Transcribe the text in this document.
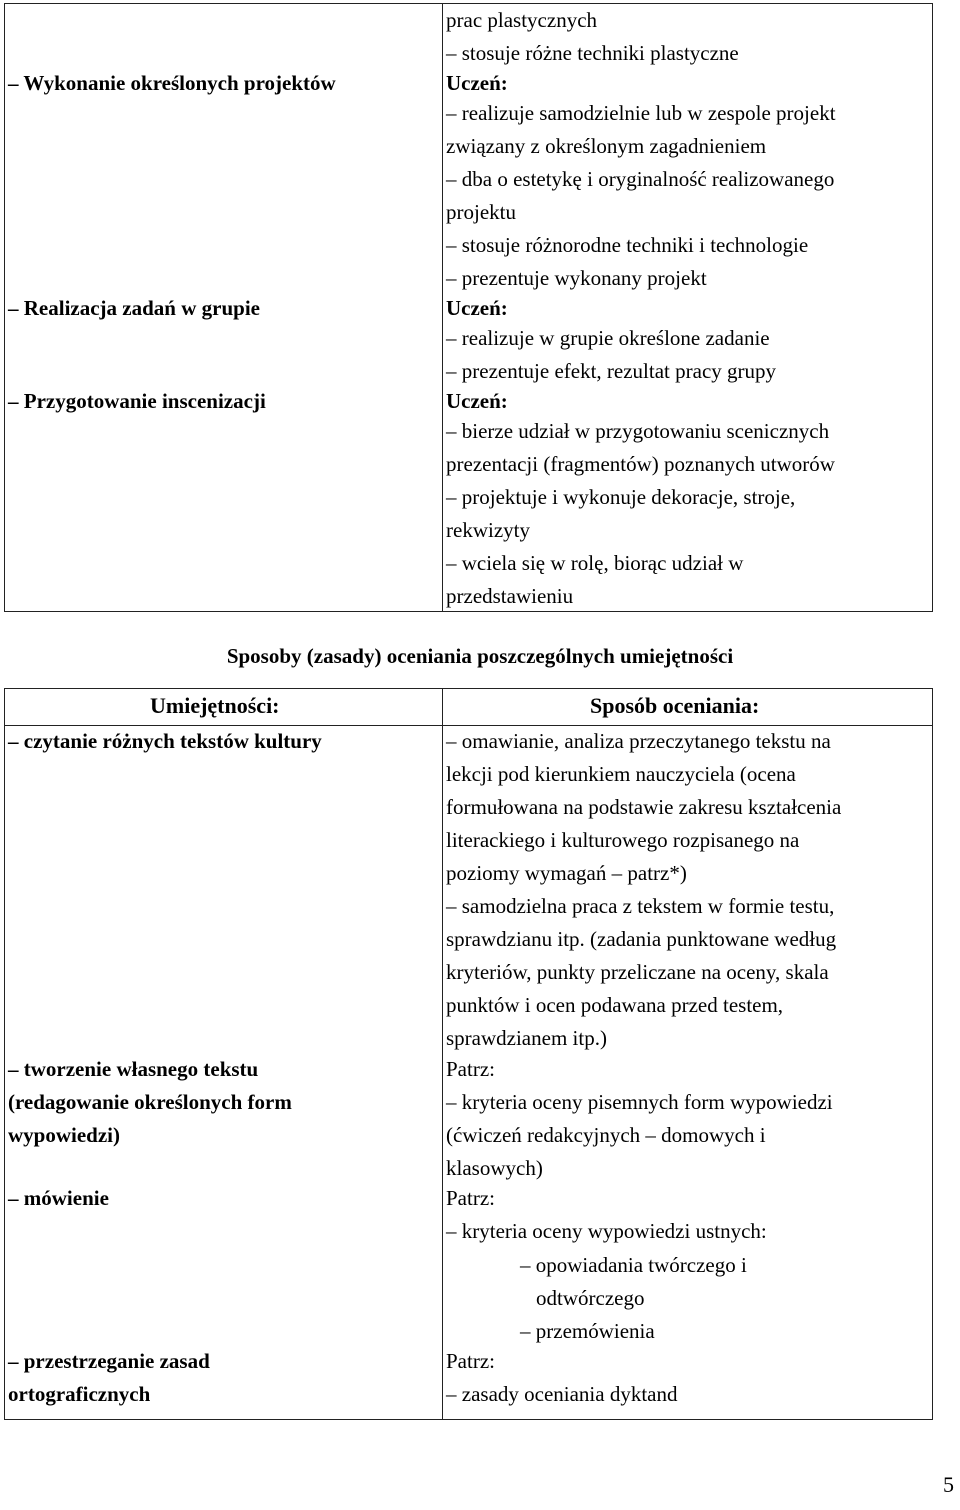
– Wykonanie określonych projektów
– Realizacja zadań w grupie
– Przygotowanie inscenizacji
prac plastycznych
– stosuje różne techniki plastyczne
Uczeń:
– realizuje samodzielnie lub w zespole projekt
związany z określonym zagadnieniem
– dba o estetykę i oryginalność realizowanego
projektu
– stosuje różnorodne techniki i technologie
– prezentuje wykonany projekt
Uczeń:
– realizuje w grupie określone zadanie
– prezentuje efekt, rezultat pracy grupy
Uczeń:
– bierze udział w przygotowaniu scenicznych
prezentacji (fragmentów) poznanych utworów
– projektuje i wykonuje dekoracje, stroje,
rekwizyty
– wciela się w rolę, biorąc udział w
przedstawieniu
Sposoby (zasady) oceniania poszczególnych umiejętności
Umiejętności:	Sposób oceniania:
– czytanie różnych tekstów kultury
– tworzenie własnego tekstu
(redagowanie określonych form
wypowiedzi)
– mówienie
– przestrzeganie zasad
ortograficznych
– omawianie, analiza przeczytanego tekstu na
lekcji pod kierunkiem nauczyciela (ocena
formułowana na podstawie zakresu kształcenia
literackiego i kulturowego rozpisanego na
poziomy wymagań – patrz*)
– samodzielna praca z tekstem w formie testu,
sprawdzianu itp. (zadania punktowane według
kryteriów, punkty przeliczane na oceny, skala
punktów i ocen podawana przed testem,
sprawdzianem itp.)
Patrz:
– kryteria oceny pisemnych form wypowiedzi
(ćwiczeń redakcyjnych – domowych i
klasowych)
Patrz:
– kryteria oceny wypowiedzi ustnych:
– opowiadania twórczego i
odtwórczego
– przemówienia
Patrz:
– zasady oceniania dyktand
5
